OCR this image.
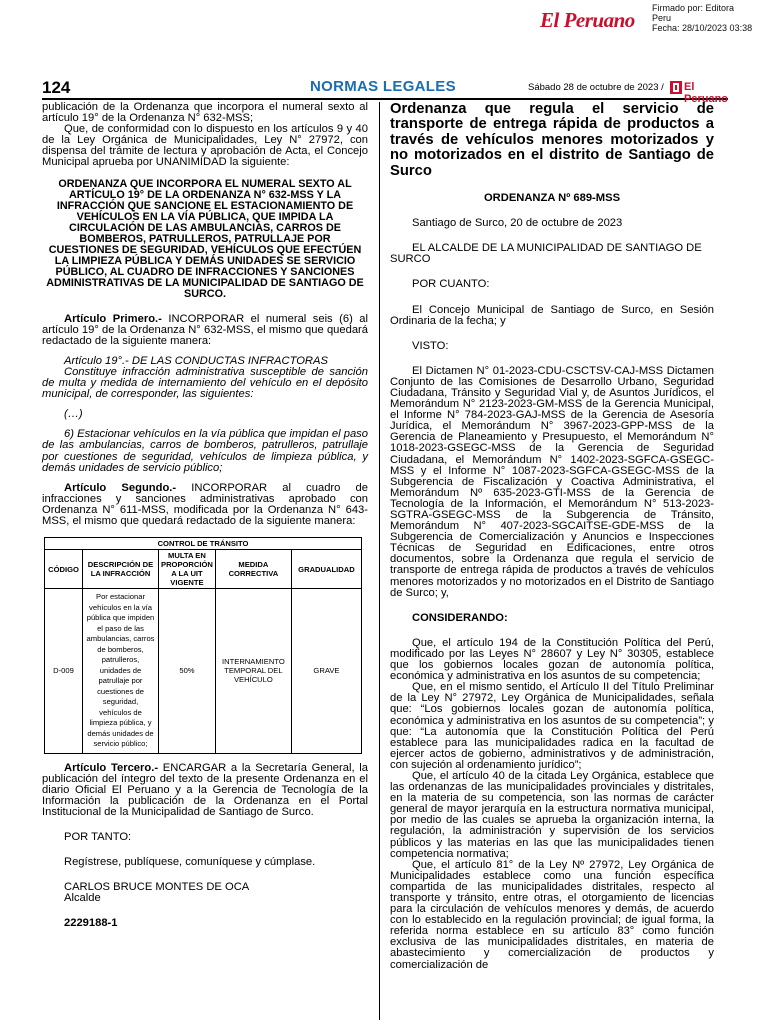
El Peruano Firmado por: Editora
Peru
Fecha: 28/10/2023 03:38
124	NORMAS LEGALES	Sábado 28 de octubre de 2023 / El Peruano

publicación de la Ordenanza que incorpora el numeral sexto al artículo 19° de la Ordenanza N° 632-MSS;

Que, de conformidad con lo dispuesto en los artículos 9 y 40 de la Ley Orgánica de Municipalidades, Ley N° 27972, con dispensa del trámite de lectura y aprobación de Acta, el Concejo Municipal aprueba por UNANIMIDAD la siguiente:

ORDENANZA QUE INCORPORA EL NUMERAL SEXTO AL ARTÍCULO 19° DE LA ORDENANZA N° 632-MSS Y LA INFRACCIÓN QUE SANCIONE EL ESTACIONAMIENTO DE VEHÍCULOS EN LA VÍA PÚBLICA, QUE IMPIDA LA CIRCULACIÓN DE LAS AMBULANCIAS, CARROS DE BOMBEROS, PATRULLEROS, PATRULLAJE POR CUESTIONES DE SEGURIDAD, VEHÍCULOS QUE EFECTÚEN LA LIMPIEZA PÚBLICA Y DEMÁS UNIDADES SE SERVICIO PÚBLICO, AL CUADRO DE INFRACCIONES Y SANCIONES ADMINISTRATIVAS DE LA MUNICIPALIDAD DE SANTIAGO DE SURCO.

Artículo Primero.- INCORPORAR el numeral seis (6) al artículo 19° de la Ordenanza N° 632-MSS, el mismo que quedará redactado de la siguiente manera:

Artículo 19°.- DE LAS CONDUCTAS INFRACTORAS

Constituye infracción administrativa susceptible de sanción de multa y medida de internamiento del vehículo en el depósito municipal, de corresponder, las siguientes:

(…)

6) Estacionar vehículos en la vía pública que impidan el paso de las ambulancias, carros de bomberos, patrulleros, patrullaje por cuestiones de seguridad, vehículos de limpieza pública, y demás unidades de servicio público;

Artículo Segundo.- INCORPORAR al cuadro de infracciones y sanciones administrativas aprobado con Ordenanza N° 611-MSS, modificada por la Ordenanza N° 643-MSS, el mismo que quedará redactado de la siguiente manera:

CONTROL DE TRÁNSITO				
CÓDIGO	DESCRIPCIÓN DE LA INFRACCIÓN	MULTA EN PROPORCIÓN A LA UIT VIGENTE	MEDIDA CORRECTIVA	GRADUALIDAD
D-009	Por estacionar vehículos en la vía pública que impiden el paso de las ambulancias, carros de bomberos, patrulleros, unidades de patrullaje por cuestiones de seguridad, vehículos de limpieza pública, y demás unidades de servicio público;	50%	INTERNAMIENTO TEMPORAL DEL VEHÍCULO	GRAVE

Artículo Tercero.- ENCARGAR a la Secretaría General, la publicación del íntegro del texto de la presente Ordenanza en el diario Oficial El Peruano y a la Gerencia de Tecnología de la Información la publicación de la Ordenanza en el Portal Institucional de la Municipalidad de Santiago de Surco.

POR TANTO:

Regístrese, publíquese, comuníquese y cúmplase.

CARLOS BRUCE MONTES DE OCA

Alcalde

2229188-1

Ordenanza que regula el servicio de transporte de entrega rápida de productos a través de vehículos menores motorizados y no motorizados en el distrito de Santiago de Surco

ORDENANZA Nº 689-MSS

Santiago de Surco, 20 de octubre de 2023

EL ALCALDE DE LA MUNICIPALIDAD DE SANTIAGO DE SURCO

POR CUANTO:

El Concejo Municipal de Santiago de Surco, en Sesión Ordinaria de la fecha; y

VISTO:

El Dictamen N° 01-2023-CDU-CSCTSV-CAJ-MSS Dictamen Conjunto de las Comisiones de Desarrollo Urbano, Seguridad Ciudadana, Tránsito y Seguridad Vial y, de Asuntos Jurídicos, el Memorándum N° 2123-2023-GM-MSS de la Gerencia Municipal, el Informe N° 784-2023-GAJ-MSS de la Gerencia de Asesoría Jurídica, el Memorándum N° 3967-2023-GPP-MSS de la Gerencia de Planeamiento y Presupuesto, el Memorándum N° 1018-2023-GSEGC-MSS de la Gerencia de Seguridad Ciudadana, el Memorándum N° 1402-2023-SGFCA-GSEGC-MSS y el Informe N° 1087-2023-SGFCA-GSEGC-MSS de la Subgerencia de Fiscalización y Coactiva Administrativa, el Memorándum Nº 635-2023-GTI-MSS de la Gerencia de Tecnología de la Información, el Memorándum N° 513-2023-SGTRA-GSEGC-MSS de la Subgerencia de Tránsito, Memorándum N° 407-2023-SGCAITSE-GDE-MSS de la Subgerencia de Comercialización y Anuncios e Inspecciones Técnicas de Seguridad en Edificaciones, entre otros documentos, sobre la Ordenanza que regula el servicio de transporte de entrega rápida de productos a través de vehículos menores motorizados y no motorizados en el Distrito de Santiago de Surco; y,

CONSIDERANDO:

Que, el artículo 194 de la Constitución Política del Perú, modificado por las Leyes N° 28607 y Ley N° 30305, establece que los gobiernos locales gozan de autonomía política, económica y administrativa en los asuntos de su competencia;

Que, en el mismo sentido, el Artículo II del Título Preliminar de la Ley N° 27972, Ley Orgánica de Municipalidades, señala que: “Los gobiernos locales gozan de autonomía política, económica y administrativa en los asuntos de su competencia”; y que: “La autonomía que la Constitución Política del Perú establece para las municipalidades radica en la facultad de ejercer actos de gobierno, administrativos y de administración, con sujeción al ordenamiento jurídico”;

Que, el artículo 40 de la citada Ley Orgánica, establece que las ordenanzas de las municipalidades provinciales y distritales, en la materia de su competencia, son las normas de carácter general de mayor jerarquía en la estructura normativa municipal, por medio de las cuales se aprueba la organización interna, la regulación, la administración y supervisión de los servicios públicos y las materias en las que las municipalidades tienen competencia normativa;

Que, el artículo 81° de la Ley Nº 27972, Ley Orgánica de Municipalidades establece como una función específica compartida de las municipalidades distritales, respecto al transporte y tránsito, entre otras, el otorgamiento de licencias para la circulación de vehículos menores y demás, de acuerdo con lo establecido en la regulación provincial; de igual forma, la referida norma establece en su artículo 83° como función exclusiva de las municipalidades distritales, en materia de abastecimiento y comercialización de productos y comercialización de
